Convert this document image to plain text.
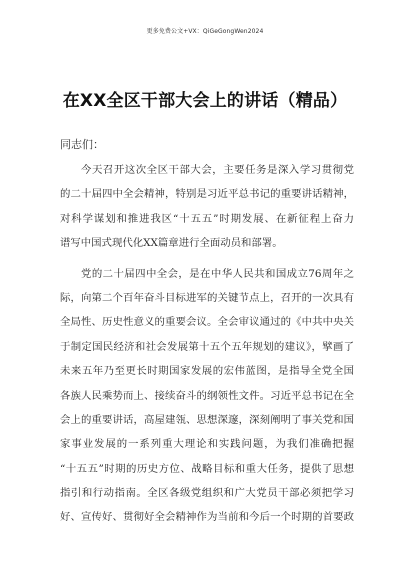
更多免费公文+VX：QiGeGongWen2024
在XX全区干部大会上的讲话（精品）
同志们：
今天召开这次全区干部大会，主要任务是深入学习贯彻党
的二十届四中全会精神，特别是习近平总书记的重要讲话精神，
对科学谋划和推进我区“十五五”时期发展、在新征程上奋力
谱写中国式现代化XX篇章进行全面动员和部署。
党的二十届四中全会，是在中华人民共和国成立76周年之
际，向第二个百年奋斗目标进军的关键节点上，召开的一次具有
全局性、历史性意义的重要会议。全会审议通过的《中共中央关
于制定国民经济和社会发展第十五个五年规划的建议》，擘画了
未来五年乃至更长时期国家发展的宏伟蓝图，是指导全党全国
各族人民乘势而上、接续奋斗的纲领性文件。习近平总书记在全
会上的重要讲话，高屋建瓴、思想深邃，深刻阐明了事关党和国
家事业发展的一系列重大理论和实践问题，为我们准确把握
“十五五”时期的历史方位、战略目标和重大任务，提供了思想
指引和行动指南。全区各级党组织和广大党员干部必须把学习
好、宣传好、贯彻好全会精神作为当前和今后一个时期的首要政
